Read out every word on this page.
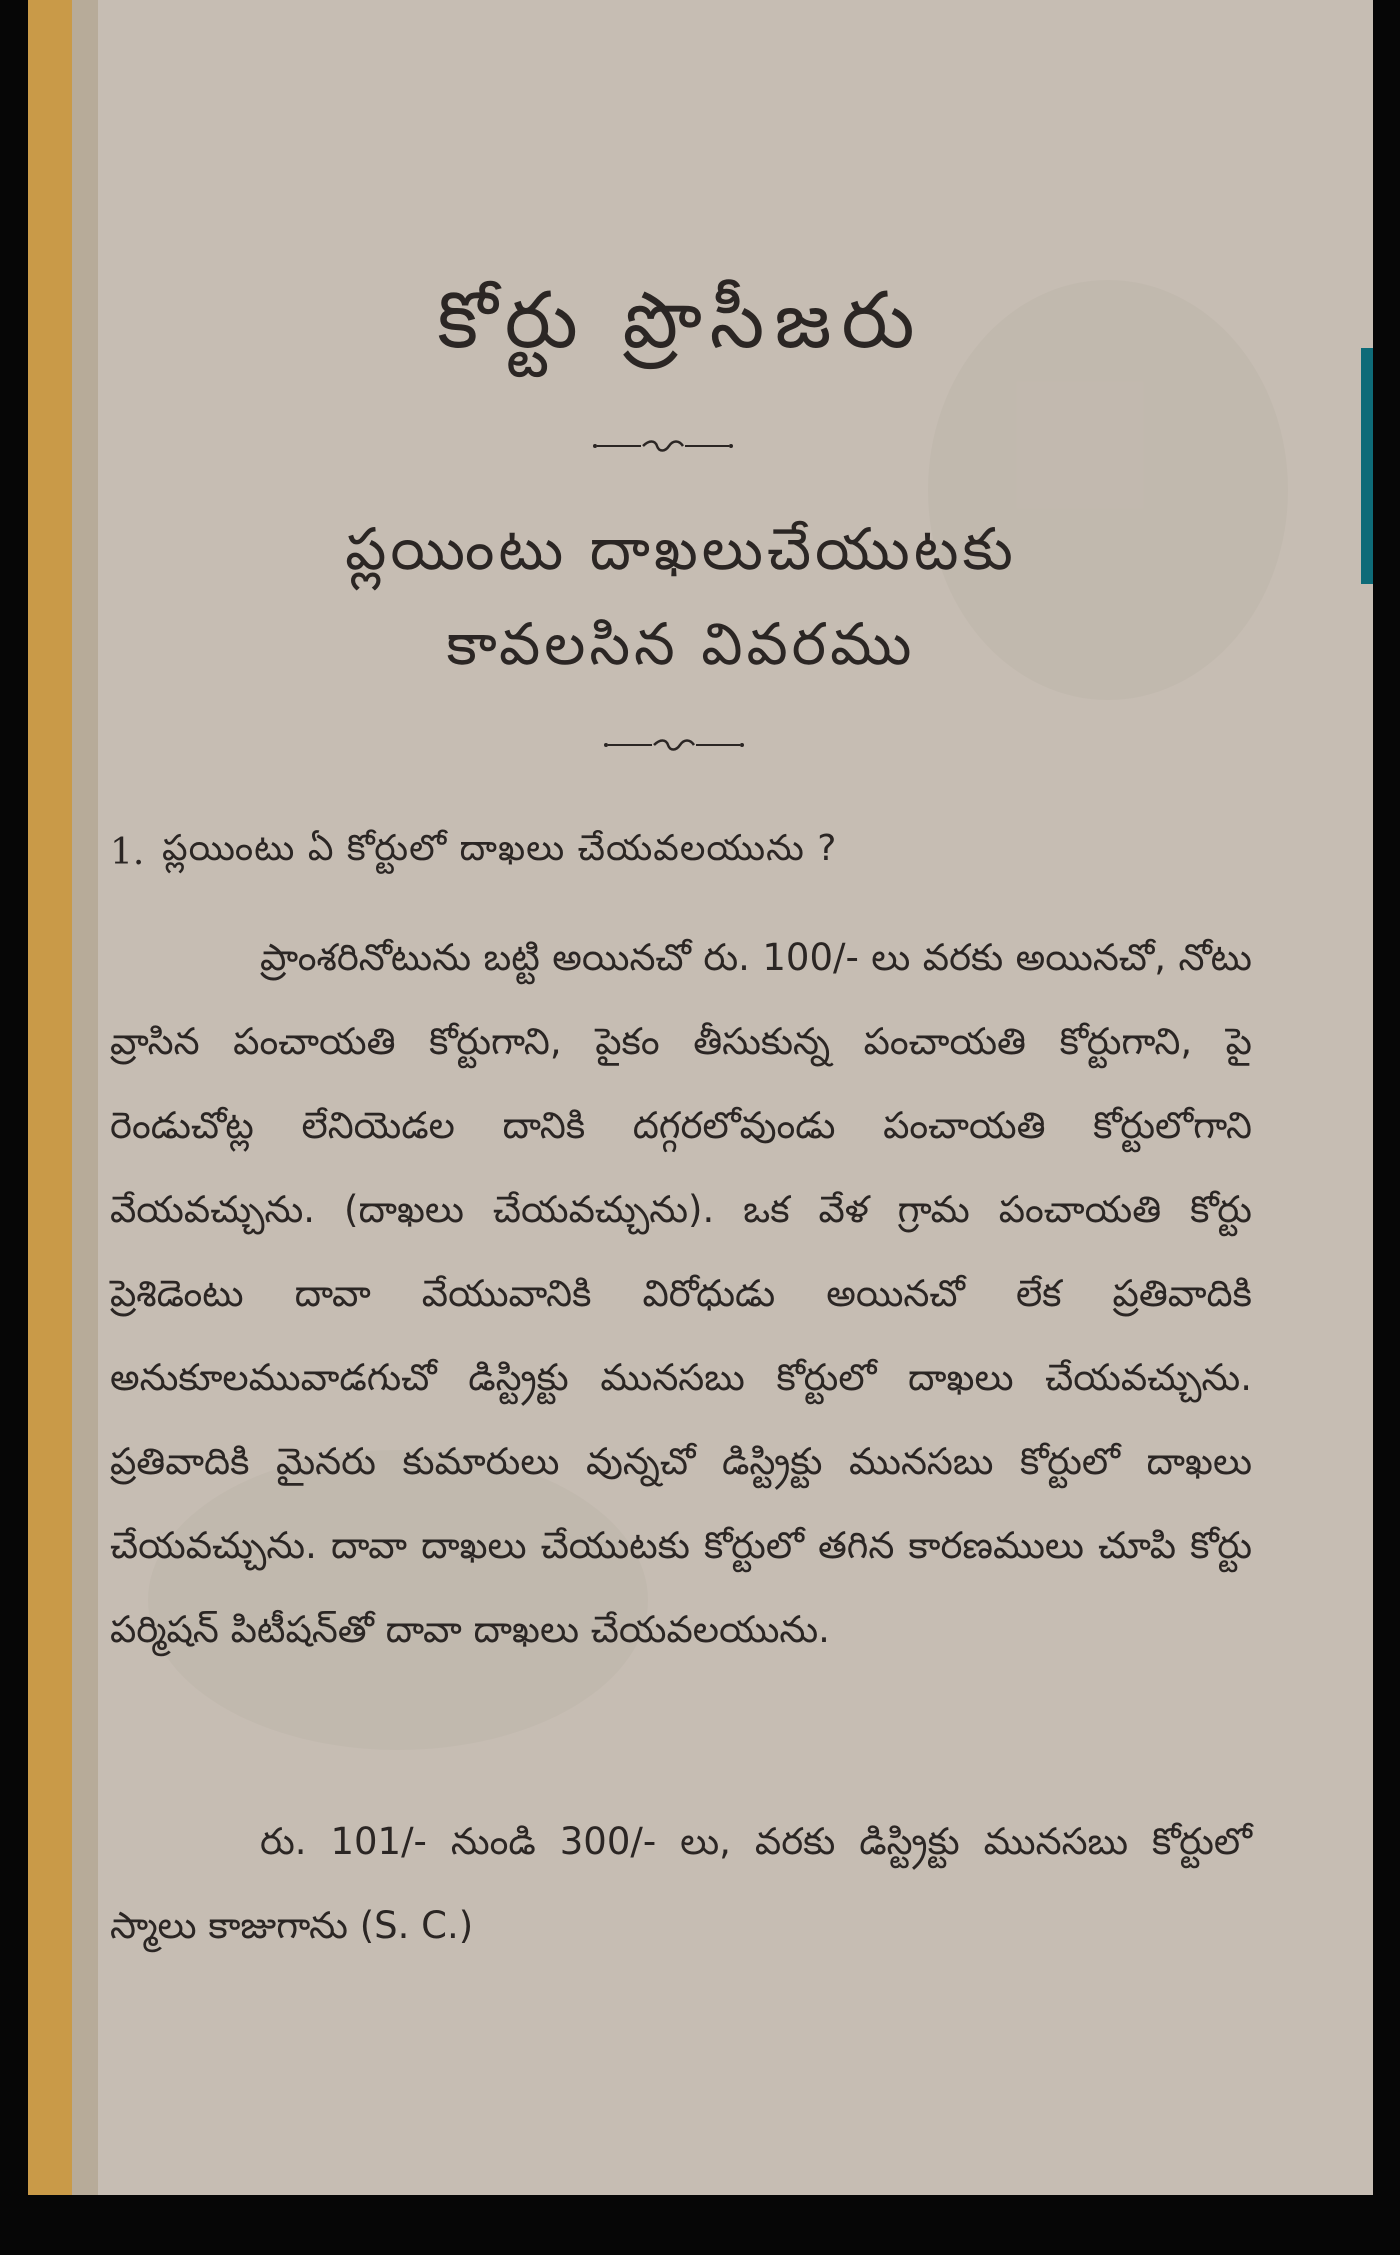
కోర్టు ప్రొసీజరు
ప్లయింటు దాఖలుచేయుటకు
కావలసిన వివరము
1. ప్లయింటు ఏ కోర్టులో దాఖలు చేయవలయును ?
ప్రాంశరినోటును బట్టి అయినచో రు. 100/- లు వరకు అయినచో, నోటు వ్రాసిన పంచాయతి కోర్టుగాని, పైకం తీసుకున్న పంచాయతి కోర్టుగాని, పై రెండుచోట్ల లేనియెడల దానికి దగ్గరలోవుండు పంచాయతి కోర్టులోగాని వేయవచ్చును. (దాఖలు చేయవచ్చును). ఒక వేళ గ్రామ పంచాయతి కోర్టు ప్రెశిడెంటు దావా వేయువానికి విరోధుడు అయినచో లేక ప్రతివాదికి అనుకూలమువాడగుచో డిస్ట్రిక్టు మునసబు కోర్టులో దాఖలు చేయవచ్చును. ప్రతివాదికి మైనరు కుమారులు వున్నచో డిస్ట్రిక్టు మునసబు కోర్టులో దాఖలు చేయవచ్చును. దావా దాఖలు చేయుటకు కోర్టులో తగిన కారణములు చూపి కోర్టు పర్మిషన్ పిటీషన్‌తో దావా దాఖలు చేయవలయును.
రు. 101/- నుండి 300/- లు, వరకు డిస్ట్రిక్టు మునసబు కోర్టులో స్మాలు కాజుగాను (S. C.)
